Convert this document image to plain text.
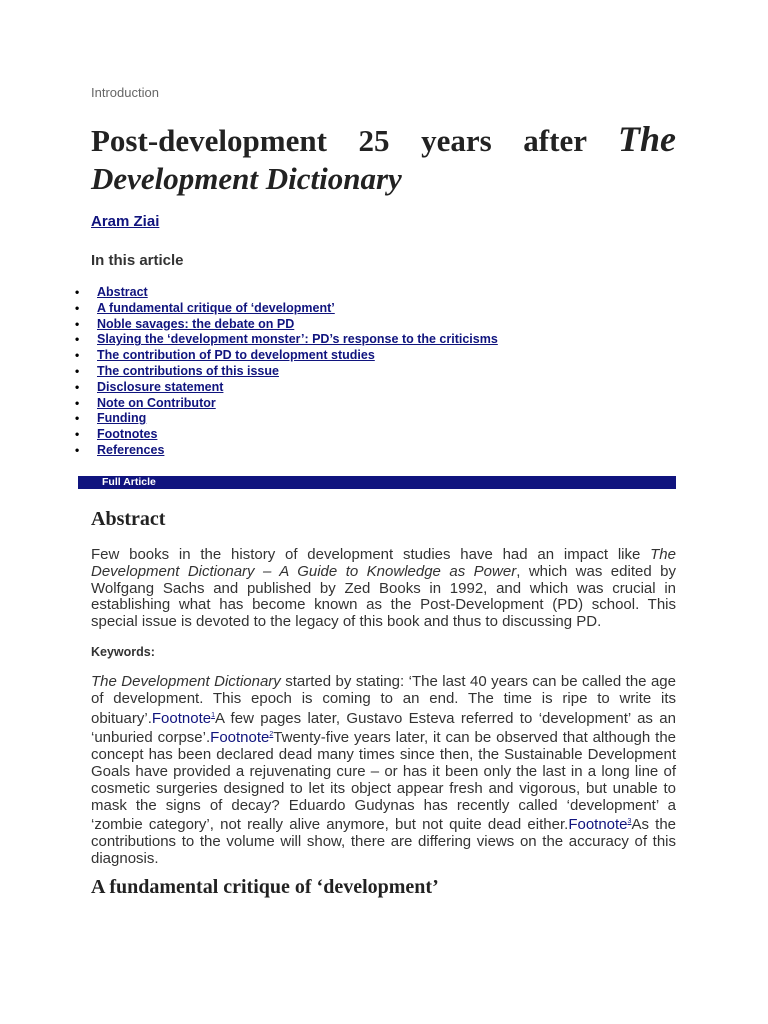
Introduction
Post-development 25 years after The
Development Dictionary
Aram Ziai
In this article
• Abstract
• A fundamental critique of ‘development’
• Noble savages: the debate on PD
• Slaying the ‘development monster’: PD’s response to the criticisms
• The contribution of PD to development studies
• The contributions of this issue
• Disclosure statement
• Note on Contributor
• Funding
• Footnotes
• References
Abstract

Few books in the history of development studies have had an impact like The Development Dictionary – A Guide to Knowledge as Power, which was edited by Wolfgang Sachs and published by Zed Books in 1992, and which was crucial in establishing what has become known as the Post-Development (PD) school. This special issue is devoted to the legacy of this book and thus to discussing PD.

Keywords:

The Development Dictionary started by stating: ‘The last 40 years can be called the age of development. This epoch is coming to an end. The time is ripe to write its obituary’.Footnote$^1$A few pages later, Gustavo Esteva referred to ‘development’ as an ‘unburied corpse’.Footnote$^2$Twenty-five years later, it can be observed that although the concept has been declared dead many times since then, the Sustainable Development Goals have provided a rejuvenating cure – or has it been only the last in a long line of cosmetic surgeries designed to let its object appear fresh and vigorous, but unable to mask the signs of decay? Eduardo Gudynas has recently called ‘development’ a ‘zombie category’, not really alive anymore, but not quite dead either.Footnote$^3$As the contributions to the volume will show, there are differing views on the accuracy of this diagnosis.

A fundamental critique of ‘development’
Full Article
